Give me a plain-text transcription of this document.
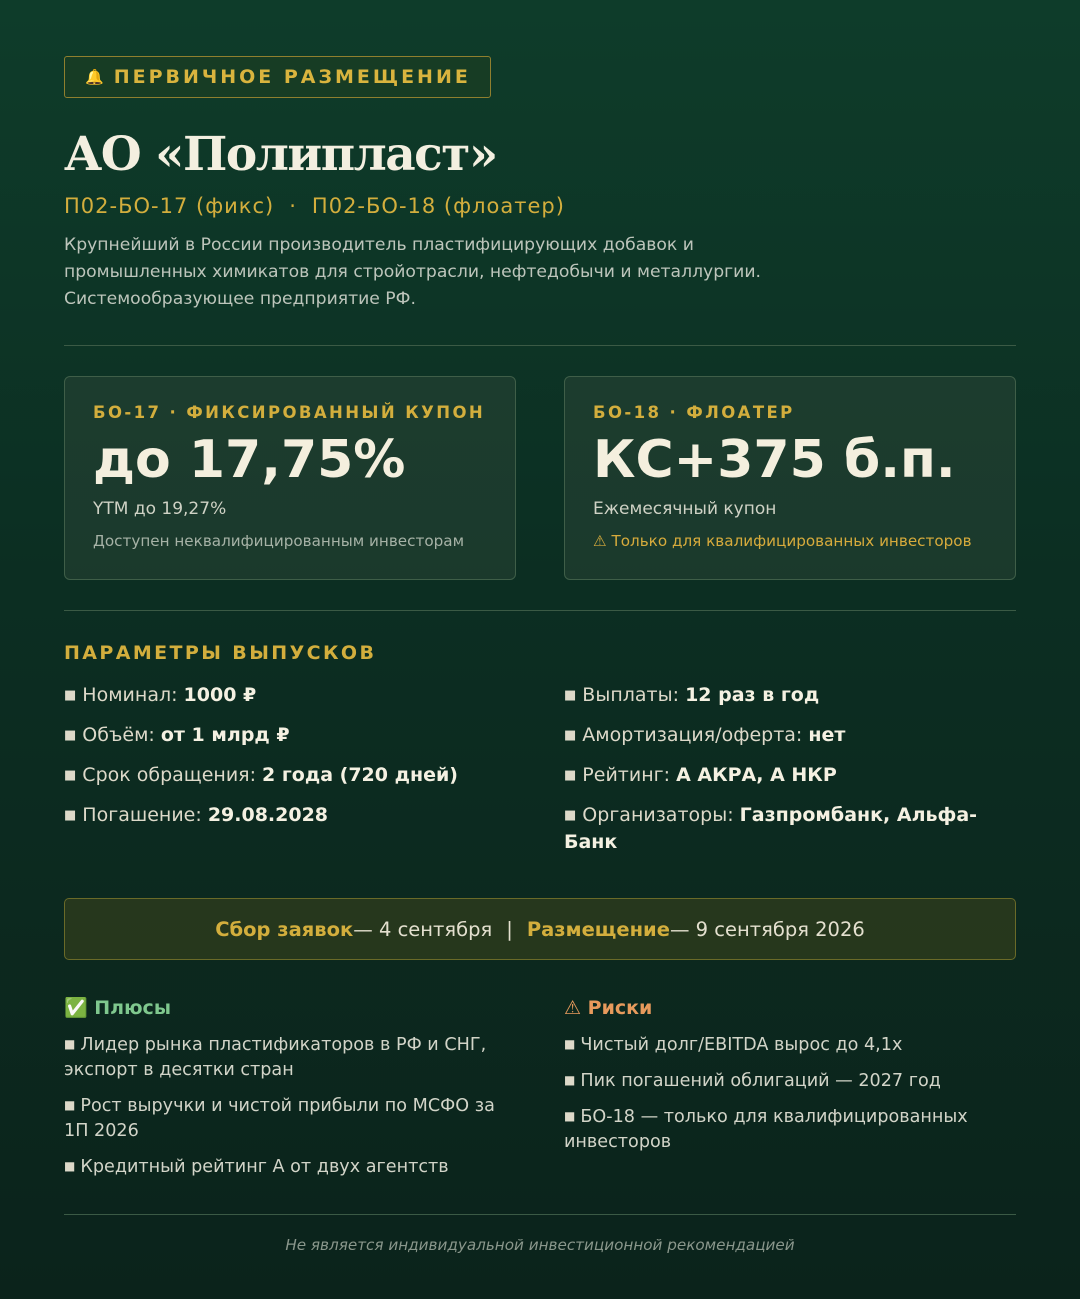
🔔 ПЕРВИЧНОЕ РАЗМЕЩЕНИЕ
АО «Полипласт»
П02-БО-17 (фикс) · П02-БО-18 (флоатер)

Крупнейший в России производитель пластифицирующих добавок и промышленных химикатов для стройотрасли, нефтедобычи и металлургии. Системообразующее предприятие РФ.

БО-17 · ФИКСИРОВАННЫЙ КУПОН
до 17,75%
YTM до 19,27%
Доступен неквалифицированным инвесторам
БО-18 · ФЛОАТЕР
КС+375 б.п.
Ежемесячный купон
⚠ Только для квалифицированных инвесторов
ПАРАМЕТРЫ ВЫПУСКОВ
■ Номинал: 1000 ₽
■ Объём: от 1 млрд ₽
■ Срок обращения: 2 года (720 дней)
■ Погашение: 29.08.2028
■ Выплаты: 12 раз в год
■ Амортизация/оферта: нет
■ Рейтинг: A АКРА, A НКР
■ Организаторы: Газпромбанк, Альфа-Банк
Сбор заявок — 4 сентября | Размещение — 9 сентября 2026
✅ Плюсы
■ Лидер рынка пластификаторов в РФ и СНГ, экспорт в десятки стран
■ Рост выручки и чистой прибыли по МСФО за 1П 2026
■ Кредитный рейтинг A от двух агентств
⚠ Риски
■ Чистый долг/EBITDA вырос до 4,1х
■ Пик погашений облигаций — 2027 год
■ БО-18 — только для квалифицированных инвесторов
Не является индивидуальной инвестиционной рекомендацией
